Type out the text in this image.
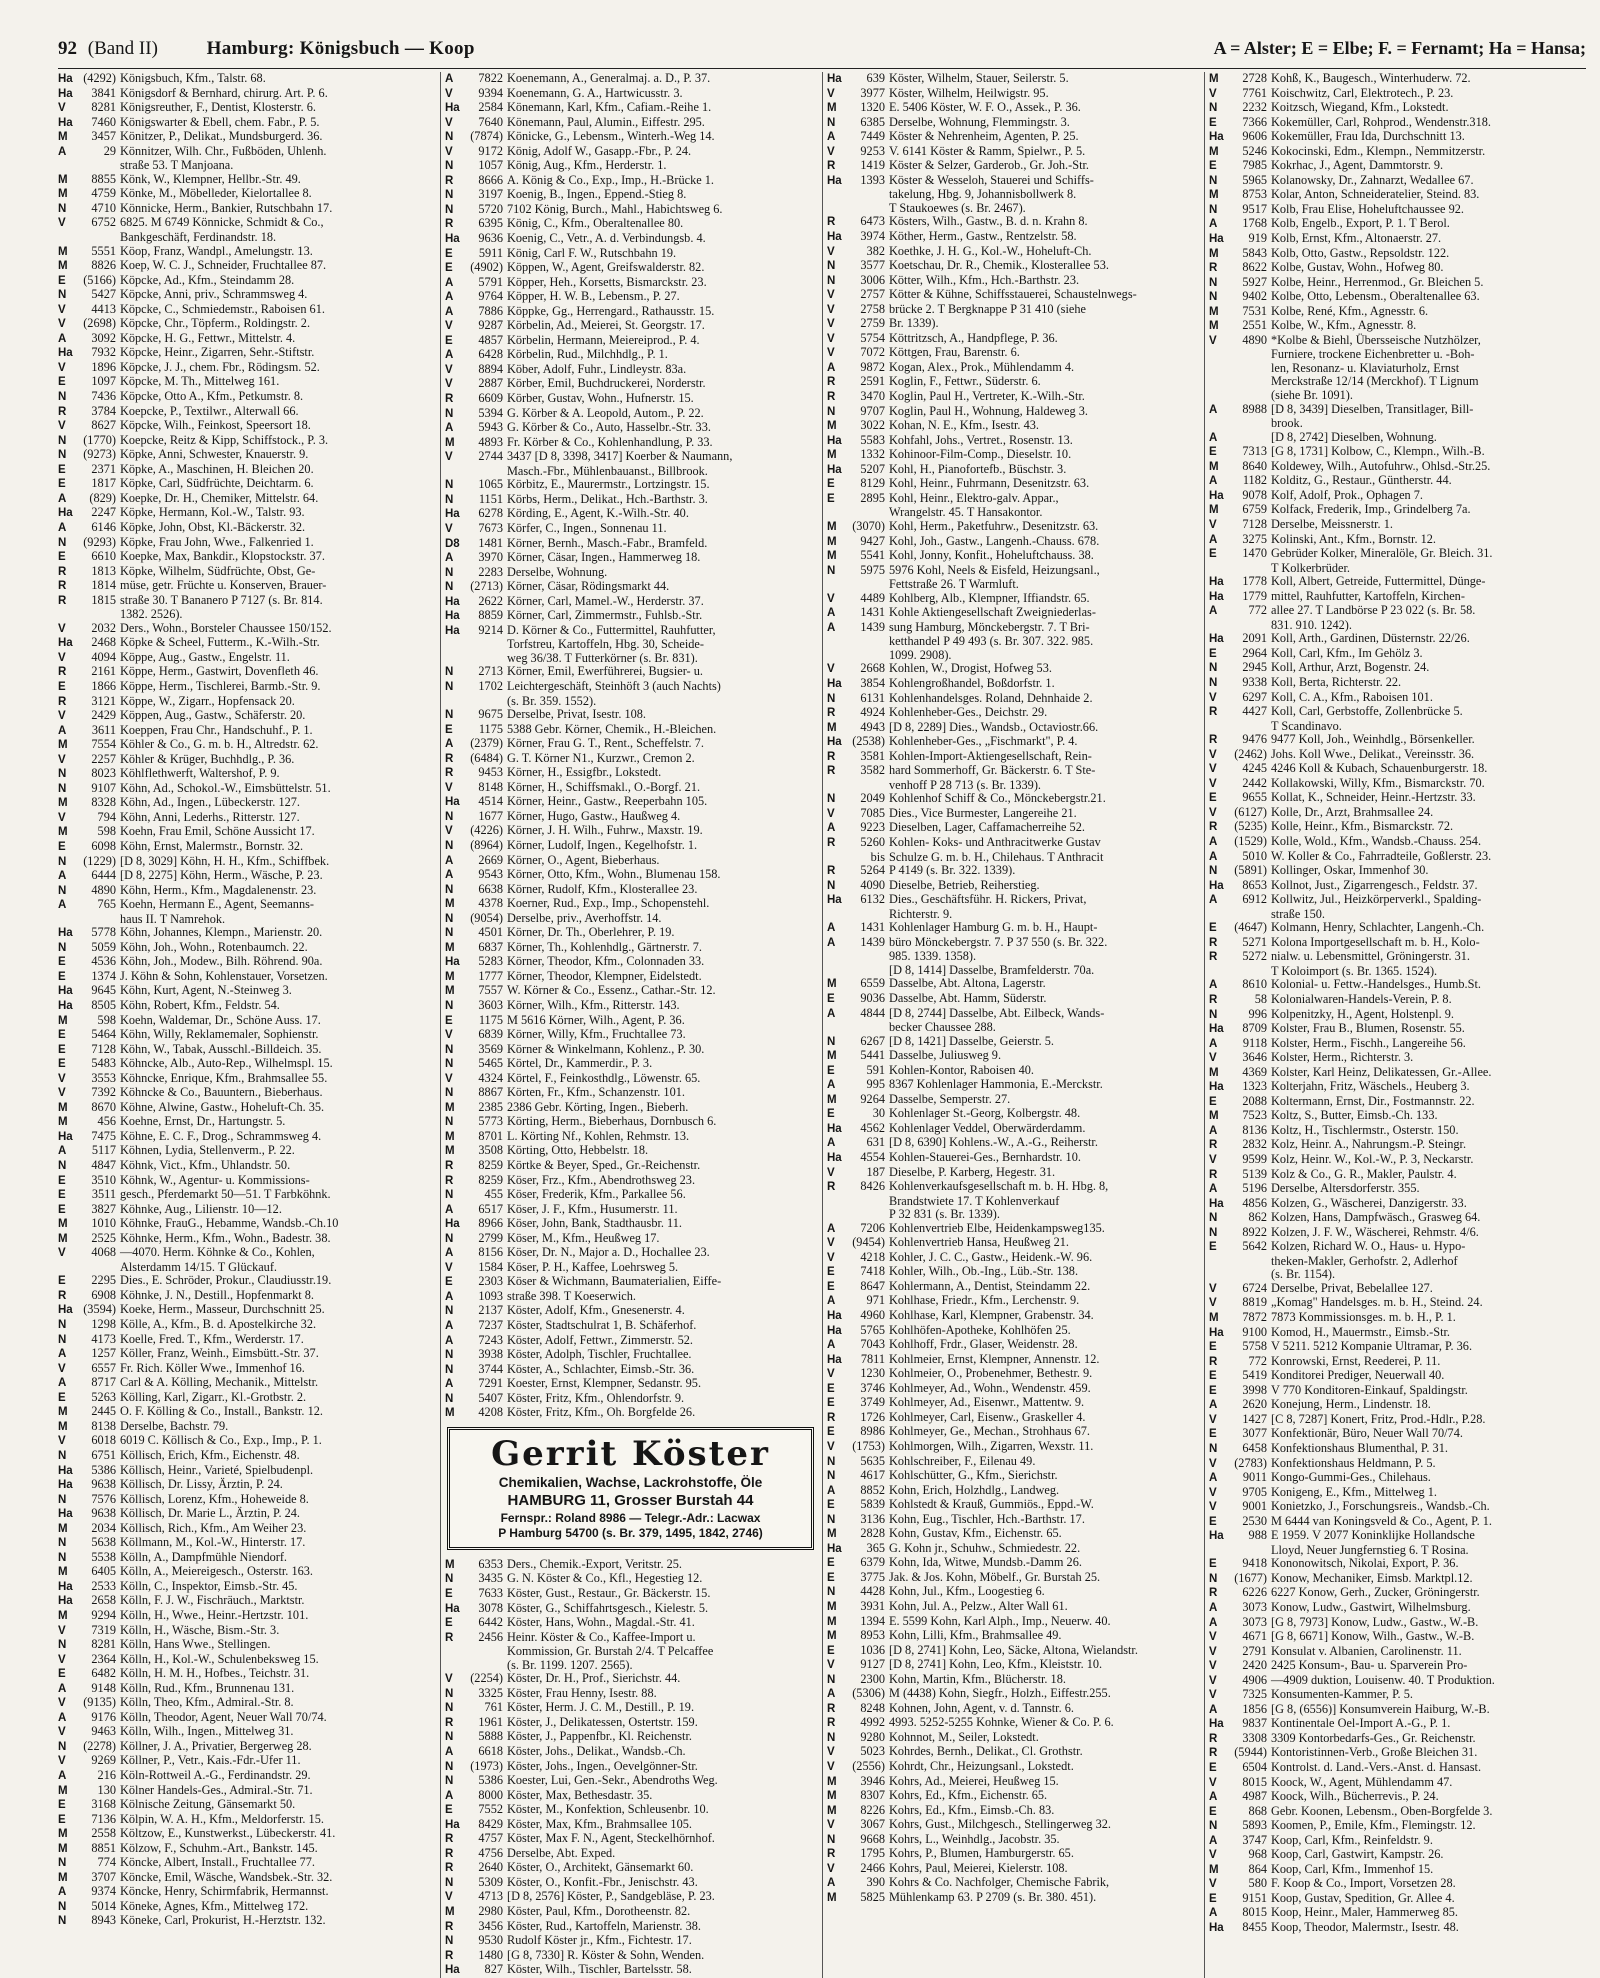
92 (Band II)	Hamburg: Königsbuch — Koop	A = Alster; E = Elbe; F. = Fernamt; Ha = Hansa;
Ha (4292) Königsbuch, Kfm., Talstr. 68.
Ha 3841 Königsdorf & Bernhard, chirurg. Art. P. 6.
V 8281 Königsreuther, F., Dentist, Klosterstr. 6.
Ha 7460 Königswarter & Ebell, chem. Fabr., P. 5.
M 3457 Könitzer, P., Delikat., Mundsburgerd. 36.
A	29 Könnitzer, Wilh. Chr., Fußböden, Uhlenh.
straße 53. T Manjoana.
M 8855 Könk, W., Klempner, Hellbr.-Str. 49.
M 4759 Könke, M., Möbelleder, Kielortallee 8.
N 4710 Könnicke, Herm., Bankier, Rutschbahn 17.
V 6752 6825. M 6749 Könnicke, Schmidt & Co.,
Bankgeschäft, Ferdinandstr. 18.
M 5551 Köop, Franz, Wandpl., Amelungstr. 13.
M 8826 Koep, W. C. J., Schneider, Fruchtallee 87.
E (5166) Köpcke, Ad., Kfm., Steindamm 28.
N 5427 Köpcke, Anni, priv., Schrammsweg 4.
V 4413 Köpcke, C., Schmiedemstr., Raboisen 61.
V (2698) Köpcke, Chr., Töpferm., Roldingstr. 2.
A 3092 Köpcke, H. G., Fettwr., Mittelstr. 4.
Ha 7932 Köpcke, Heinr., Zigarren, Sehr.-Stiftstr.
V 1896 Köpcke, J. J., chem. Fbr., Rödingsm. 52.
E 1097 Köpcke, M. Th., Mittelweg 161.
N 7436 Köpcke, Otto A., Kfm., Petkumstr. 8.
R 3784 Koepcke, P., Textilwr., Alterwall 66.
V 8627 Köpcke, Wilh., Feinkost, Speersort 18.
N (1770) Koepcke, Reitz & Kipp, Schiffstock., P. 3.
N (9273) Köpke, Anni, Schwester, Knauerstr. 9.
E 2371 Köpke, A., Maschinen, H. Bleichen 20.
E 1817 Köpke, Carl, Südfrüchte, Deichtarm. 6.
A (829) Koepke, Dr. H., Chemiker, Mittelstr. 64.
Ha 2247 Köpke, Hermann, Kol.-W., Talstr. 93.
A 6146 Köpke, John, Obst, Kl.-Bäckerstr. 32.
N (9293) Köpke, Frau John, Wwe., Falkenried 1.
E 6610 Koepke, Max, Bankdir., Klopstockstr. 37.
R 1813 Köpke, Wilhelm, Südfrüchte, Obst, Ge-
R 1814 müse, getr. Früchte u. Konserven, Brauer-
R 1815 straße 30. T Bananero P 7127 (s. Br. 814.
1382. 2526).
V 2032 Ders., Wohn., Borsteler Chaussee 150/152.
Ha 2468 Köpke & Scheel, Futterm., K.-Wilh.-Str.
V 4094 Köppe, Aug., Gastw., Engelstr. 11.
R 2161 Köppe, Herm., Gastwirt, Dovenfleth 46.
E 1866 Köppe, Herm., Tischlerei, Barmb.-Str. 9.
R 3121 Köppe, W., Zigarr., Hopfensack 20.
V 2429 Köppen, Aug., Gastw., Schäferstr. 20.
A 3611 Koeppen, Frau Chr., Handschuhf., P. 1.
M 7554 Köhler & Co., G. m. b. H., Altredstr. 62.
V 2257 Köhler & Krüger, Buchhdlg., P. 36.
N 8023 Köhlflethwerft, Waltershof, P. 9.
N 9107 Köhn, Ad., Schokol.-W., Eimsbüttelstr. 51.
M 8328 Köhn, Ad., Ingen., Lübeckerstr. 127.
V	794 Köhn, Anni, Lederhs., Ritterstr. 127.
M 598 Koehn, Frau Emil, Schöne Aussicht 17.
E 6098 Köhn, Ernst, Malermstr., Bornstr. 32.
N (1229) [D 8, 3029] Köhn, H. H., Kfm., Schiffbek.
A 6444 [D 8, 2275] Köhn, Herm., Wäsche, P. 23.
N 4890 Köhn, Herm., Kfm., Magdalenenstr. 23.
A	765 Koehn, Hermann E., Agent, Seemanns-
haus II. T Namrehok.
Ha 5778 Köhn, Johannes, Klempn., Marienstr. 20.
N 5059 Köhn, Joh., Wohn., Rotenbaumch. 22.
E 4536 Köhn, Joh., Modew., Bilh. Röhrend. 90a.
E 1374 J. Köhn & Sohn, Kohlenstauer, Vorsetzen.
Ha 9645 Köhn, Kurt, Agent, N.-Steinweg 3.
Ha 8505 Köhn, Robert, Kfm., Feldstr. 54.
M 598 Koehn, Waldemar, Dr., Schöne Auss. 17.
E 5464 Köhn, Willy, Reklamemaler, Sophienstr.
E 7128 Köhn, W., Tabak, Ausschl.-Billdeich. 35.
E 5483 Köhncke, Alb., Auto-Rep., Wilhelmspl. 15.
V 3553 Köhncke, Enrique, Kfm., Brahmsallee 55.
V 7392 Köhncke & Co., Bauuntern., Bieberhaus.
M 8670 Köhne, Alwine, Gastw., Hoheluft-Ch. 35.
M 456 Koehne, Ernst, Dr., Hartungstr. 5.
Ha 7475 Köhne, E. C. F., Drog., Schrammsweg 4.
A 5117 Köhnen, Lydia, Stellenverm., P. 22.
N 4847 Köhnk, Vict., Kfm., Uhlandstr. 50.
E 3510 Köhnk, W., Agentur- u. Kommissions-
E 3511 gesch., Pferdemarkt 50—51. T Farbköhnk.
E 3827 Köhnke, Aug., Lilienstr. 10—12.
M 1010 Köhnke, FrauG., Hebamme, Wandsb.-Ch.10
M 2525 Köhnke, Herm., Kfm., Wohn., Badestr. 38.
V 4068 —4070. Herm. Köhnke & Co., Kohlen,
Alsterdamm 14/15. T Glückauf.
E 2295 Dies., E. Schröder, Prokur., Claudiusstr.19.
R 6908 Köhnke, J. N., Destill., Hopfenmarkt 8.
Ha (3594) Koeke, Herm., Masseur, Durchschnitt 25.
N 1298 Kölle, A., Kfm., B. d. Apostelkirche 32.
N 4173 Koelle, Fred. T., Kfm., Werderstr. 17.
A 1257 Köller, Franz, Weinh., Eimsbütt.-Str. 37.
V 6557 Fr. Rich. Köller Wwe., Immenhof 16.
A 8717 Carl & A. Kölling, Mechanik., Mittelstr.
E 5263 Kölling, Karl, Zigarr., Kl.-Grotbstr. 2.
M 2445 O. F. Kölling & Co., Install., Bankstr. 12.
M 8138 Derselbe, Bachstr. 79.
V 6018 6019 C. Köllisch & Co., Exp., Imp., P. 1.
N 6751 Köllisch, Erich, Kfm., Eichenstr. 48.
Ha 5386 Köllisch, Heinr., Varieté, Spielbudenpl.
Ha 9638 Köllisch, Dr. Lissy, Ärztin, P. 24.
N 7576 Köllisch, Lorenz, Kfm., Hoheweide 8.
Ha 9638 Köllisch, Dr. Marie L., Ärztin, P. 24.
M 2034 Köllisch, Rich., Kfm., Am Weiher 23.
N 5638 Köllmann, M., Kol.-W., Hinterstr. 17.
N 5538 Kölln, A., Dampfmühle Niendorf.
M 6405 Kölln, A., Meiereigesch., Osterstr. 163.
Ha 2533 Kölln, C., Inspektor, Eimsb.-Str. 45.
Ha 2658 Kölln, F. J. W., Fischräuch., Marktstr.
M 9294 Kölln, H., Wwe., Heinr.-Hertzstr. 101.
V 7319 Kölln, H., Wäsche, Bism.-Str. 3.
N 8281 Kölln, Hans Wwe., Stellingen.
V 2364 Kölln, H., Kol.-W., Schulenbeksweg 15.
E 6482 Kölln, H. M. H., Hofbes., Teichstr. 31.
A 9148 Kölln, Rud., Kfm., Brunnenau 131.
V (9135) Kölln, Theo, Kfm., Admiral.-Str. 8.
A 9176 Kölln, Theodor, Agent, Neuer Wall 70/74.
V 9463 Kölln, Wilh., Ingen., Mittelweg 31.
N (2278) Köllner, J. A., Privatier, Bergerweg 28.
V 9269 Köllner, P., Vetr., Kais.-Fdr.-Ufer 11.
A	216 Köln-Rottweil A.-G., Ferdinandstr. 29.
M 130 Kölner Handels-Ges., Admiral.-Str. 71.
E 3168 Kölnische Zeitung, Gänsemarkt 50.
E 7136 Kölpin, W. A. H., Kfm., Meldorferstr. 15.
M 2558 Költzow, E., Kunstwerkst., Lübeckerstr. 41.
M 8851 Kölzow, F., Schuhm.-Art., Bankstr. 145.
N	774 Köncke, Albert, Install., Fruchtallee 77.
M 3707 Köncke, Emil, Wäsche, Wandsbek.-Str. 32.
A 9374 Köncke, Henry, Schirmfabrik, Hermannst.
N 5014 Köneke, Agnes, Kfm., Mittelweg 172.
N 8943 Köneke, Carl, Prokurist, H.-Herztstr. 132.
A 7822 Koenemann, A., Generalmaj. a. D., P. 37.
V 9394 Koenemann, G. A., Hartwicusstr. 3.
Ha 2584 Könemann, Karl, Kfm., Cafiam.-Reihe 1.
V 7640 Könemann, Paul, Alumin., Eiffestr. 295.
N (7874) Könicke, G., Lebensm., Winterh.-Weg 14.
V 9172 König, Adolf W., Gasapp.-Fbr., P. 24.
N 1057 König, Aug., Kfm., Herderstr. 1.
R 8666 A. König & Co., Exp., Imp., H.-Brücke 1.
N 3197 Koenig, B., Ingen., Eppend.-Stieg 8.
N 5720 7102 König, Burch., Mahl., Habichtsweg 6.
R 6395 König, C., Kfm., Oberaltenallee 80.
Ha 9636 Koenig, C., Vetr., A. d. Verbindungsb. 4.
E 5911 König, Carl F. W., Rutschbahn 19.
E (4902) Köppen, W., Agent, Greifswalderstr. 82.
A 5791 Köpper, Heh., Korsetts, Bismarckstr. 23.
A 9764 Köpper, H. W. B., Lebensm., P. 27.
A 7886 Köppke, Gg., Herrengard., Rathausstr. 15.
V 9287 Körbelin, Ad., Meierei, St. Georgstr. 17.
E 4857 Körbelin, Hermann, Meiereiprod., P. 4.
A 6428 Körbelin, Rud., Milchhdlg., P. 1.
V 8894 Köber, Adolf, Fuhr., Lindleystr. 83a.
V 2887 Körber, Emil, Buchdruckerei, Norderstr.
R 6609 Körber, Gustav, Wohn., Hufnerstr. 15.
N 5394 G. Körber & A. Leopold, Autom., P. 22.
A 5943 G. Körber & Co., Auto, Hasselbr.-Str. 33.
M 4893 Fr. Körber & Co., Kohlenhandlung, P. 33.
V 2744 3437 [D 8, 3398, 3417] Koerber & Naumann,
Masch.-Fbr., Mühlenbauanst., Billbrook.
N 1065 Körbitz, E., Maurermstr., Lortzingstr. 15.
N 1151 Körbs, Herm., Delikat., Hch.-Barthstr. 3.
Ha 6278 Körding, E., Agent, K.-Wilh.-Str. 40.
V 7673 Körfer, C., Ingen., Sonnenau 11.
D8 1481 Körner, Bernh., Masch.-Fabr., Bramfeld.
A 3970 Körner, Cäsar, Ingen., Hammerweg 18.
N 2283 Derselbe, Wohnung.
N (2713) Körner, Cäsar, Rödingsmarkt 44.
Ha 2622 Körner, Carl, Mamel.-W., Herderstr. 37.
Ha 8859 Körner, Carl, Zimmermstr., Fuhlsb.-Str.
Ha 9214 D. Körner & Co., Futtermittel, Rauhfutter,
Torfstreu, Kartoffeln, Hbg. 30, Scheide-
weg 36/38. T Futterkörner (s. Br. 831).
N 2713 Körner, Emil, Ewerführerei, Bugsier- u.
N 1702 Leichtergeschäft, Steinhöft 3 (auch Nachts)
(s. Br. 359. 1552).
N 9675 Derselbe, Privat, Isestr. 108.
E 1175 5388 Gebr. Körner, Chemik., H.-Bleichen.
A (2379) Körner, Frau G. T., Rent., Scheffelstr. 7.
R (6484) G. T. Körner N1., Kurzwr., Cremon 2.
R 9453 Körner, H., Essigfbr., Lokstedt.
V 8148 Körner, H., Schiffsmakl., O.-Borgf. 21.
Ha 4514 Körner, Heinr., Gastw., Reeperbahn 105.
N 1677 Körner, Hugo, Gastw., Haußweg 4.
V (4226) Körner, J. H. Wilh., Fuhrw., Maxstr. 19.
N (8964) Körner, Ludolf, Ingen., Kegelhofstr. 1.
A 2669 Körner, O., Agent, Bieberhaus.
A 9543 Körner, Otto, Kfm., Wohn., Blumenau 158.
N 6638 Körner, Rudolf, Kfm., Klosterallee 23.
M 4378 Koerner, Rud., Exp., Imp., Schopenstehl.
N (9054) Derselbe, priv., Averhoffstr. 14.
N 4501 Körner, Dr. Th., Oberlehrer, P. 19.
M 6837 Körner, Th., Kohlenhdlg., Gärtnerstr. 7.
Ha 5283 Körner, Theodor, Kfm., Colonnaden 33.
M 1777 Körner, Theodor, Klempner, Eidelstedt.
M 7557 W. Körner & Co., Essenz., Cathar.-Str. 12.
N 3603 Körner, Wilh., Kfm., Ritterstr. 143.
E 1175 M 5616 Körner, Wilh., Agent, P. 36.
V 6839 Körner, Willy, Kfm., Fruchtallee 73.
N 3569 Körner & Winkelmann, Kohlenz., P. 30.
N 5465 Körtel, Dr., Kammerdir., P. 3.
V 4324 Körtel, F., Feinkosthdlg., Löwenstr. 65.
N 8867 Körten, Fr., Kfm., Schanzenstr. 101.
M 2385 2386 Gebr. Körting, Ingen., Bieberh.
N 5773 Körting, Herm., Bieberhaus, Dornbusch 6.
M 8701 L. Körting Nf., Kohlen, Rehmstr. 13.
M 3508 Körting, Otto, Hebbelstr. 18.
R 8259 Körtke & Beyer, Sped., Gr.-Reichenstr.
R 8259 Köser, Frz., Kfm., Abendrothsweg 23.
N	455 Köser, Frederik, Kfm., Parkallee 56.
A 6517 Köser, J. F., Kfm., Husumerstr. 11.
Ha 8966 Köser, John, Bank, Stadthausbr. 11.
N 2799 Köser, M., Kfm., Heußweg 17.
A 8156 Köser, Dr. N., Major a. D., Hochallee 23.
V 1584 Köser, P. H., Kaffee, Loehrsweg 5.
E 2303 Köser & Wichmann, Baumaterialien, Eiffe-
A 1093 straße 398. T Koeserwich.
N 2137 Köster, Adolf, Kfm., Gnesenerstr. 4.
A 7237 Köster, Stadtschulrat 1, B. Schäferhof.
A 7243 Köster, Adolf, Fettwr., Zimmerstr. 52.
N 3938 Köster, Adolph, Tischler, Fruchtallee.
N 3744 Köster, A., Schlachter, Eimsb.-Str. 36.
A 7291 Koester, Ernst, Klempner, Sedanstr. 95.
N 5407 Köster, Fritz, Kfm., Ohlendorfstr. 9.
M 4208 Köster, Fritz, Kfm., Oh. Borgfelde 26.
Gerrit Köster
Chemikalien, Wachse, Lackrohstoffe, Öle
HAMBURG 11, Grosser Burstah 44
Fernspr.: Roland 8986 — Telegr.-Adr.: Lacwax
P Hamburg 54700 (s. Br. 379, 1495, 1842, 2746)
M 6353 Ders., Chemik.-Export, Veritstr. 25.
N 3435 G. N. Köster & Co., Kfl., Hegestieg 12.
E 7633 Köster, Gust., Restaur., Gr. Bäckerstr. 15.
Ha 3078 Köster, G., Schiffahrtsgesch., Kielestr. 5.
E 6442 Köster, Hans, Wohn., Magdal.-Str. 41.
R 2456 Heinr. Köster & Co., Kaffee-Import u.
Kommission, Gr. Burstah 2/4. T Pelcaffee
(s. Br. 1199. 1207. 2565).
V (2254) Köster, Dr. H., Prof., Sierichstr. 44.
N 3325 Köster, Frau Henny, Isestr. 88.
N	761 Köster, Herm. J. C. M., Destill., P. 19.
R 1961 Köster, J., Delikatessen, Ostertstr. 159.
N 5888 Köster, J., Pappenfbr., Kl. Reichenstr.
A 6618 Köster, Johs., Delikat., Wandsb.-Ch.
N (1973) Köster, Johs., Ingen., Oevelgönner-Str.
N 5386 Koester, Lui, Gen.-Sekr., Abendroths Weg.
A 8000 Köster, Max, Bethesdastr. 35.
E 7552 Köster, M., Konfektion, Schleusenbr. 10.
Ha 8429 Köster, Max, Kfm., Brahmsallee 105.
R 4757 Köster, Max F. N., Agent, Steckelhörnhof.
R 4756 Derselbe, Abt. Exped.
R 2640 Köster, O., Architekt, Gänsemarkt 60.
N 5309 Köster, O., Konfit.-Fbr., Jenischstr. 43.
V 4713 [D 8, 2576] Köster, P., Sandgebläse, P. 23.
M 2980 Köster, Paul, Kfm., Dorotheenstr. 82.
R 3456 Köster, Rud., Kartoffeln, Marienstr. 38.
N 9530 Rudolf Köster jr., Kfm., Fichtestr. 17.
R 1480 [G 8, 7330] R. Köster & Sohn, Wenden.
Ha 827 Köster, Wilh., Tischler, Bartelsstr. 58.
Ha 639 Köster, Wilhelm, Stauer, Seilerstr. 5.
V 3977 Köster, Wilhelm, Heilwigstr. 95.
M 1320 E. 5406 Köster, W. F. O., Assek., P. 36.
N 6385 Derselbe, Wohnung, Flemmingstr. 3.
A 7449 Köster & Nehrenheim, Agenten, P. 25.
V 9253 V. 6141 Köster & Ramm, Spielwr., P. 5.
R 1419 Köster & Selzer, Garderob., Gr. Joh.-Str.
Ha 1393 Köster & Wesseloh, Stauerei und Schiffs-
takelung, Hbg. 9, Johannisbollwerk 8.
T Staukoewes (s. Br. 2467).
R 6473 Kösters, Wilh., Gastw., B. d. n. Krahn 8.
Ha 3974 Köther, Herm., Gastw., Rentzelstr. 58.
V	382 Koethke, J. H. G., Kol.-W., Hoheluft-Ch.
N 3577 Koetschau, Dr. R., Chemik., Klosterallee 53.
N 3006 Kötter, Wilh., Kfm., Hch.-Barthstr. 23.
V 2757 Kötter & Kühne, Schiffsstauerei, Schaustelnwegs-
V 2758 brücke 2. T Bergknappe P 31 410 (siehe
V 2759 Br. 1339).
V 5754 Köttritzsch, A., Handpflege, P. 36.
V 7072 Köttgen, Frau, Barenstr. 6.
A 9872 Kogan, Alex., Prok., Mühlendamm 4.
R 2591 Koglin, F., Fettwr., Süderstr. 6.
R 3470 Koglin, Paul H., Vertreter, K.-Wilh.-Str.
N 9707 Koglin, Paul H., Wohnung, Haldeweg 3.
M 3022 Kohan, N. E., Kfm., Isestr. 43.
Ha 5583 Kohfahl, Johs., Vertret., Rosenstr. 13.
M 1332 Kohinoor-Film-Comp., Dieselstr. 10.
Ha 5207 Kohl, H., Pianofortefb., Büschstr. 3.
E 8129 Kohl, Heinr., Fuhrmann, Desenitzstr. 63.
E 2895 Kohl, Heinr., Elektro-galv. Appar.,
Wrangelstr. 45. T Hansakontor.
M (3070) Kohl, Herm., Paketfuhrw., Desenitzstr. 63.
M 9427 Kohl, Joh., Gastw., Langenh.-Chauss. 678.
M 5541 Kohl, Jonny, Konfit., Hoheluftchauss. 38.
N 5975 5976 Kohl, Neels & Eisfeld, Heizungsanl.,
Fettstraße 26. T Warmluft.
V 4489 Kohlberg, Alb., Klempner, Iffiandstr. 65.
A 1431 Kohle Aktiengesellschaft Zweigniederlas-
A 1439 sung Hamburg, Mönckebergstr. 7. T Bri-
ketthandel P 49 493 (s. Br. 307. 322. 985.
1099. 2908).
V 2668 Kohlen, W., Drogist, Hofweg 53.
Ha 3854 Kohlengroßhandel, Boßdorfstr. 1.
N 6131 Kohlenhandelsges. Roland, Dehnhaide 2.
R 4924 Kohlenheber-Ges., Deichstr. 29.
M 4943 [D 8, 2289] Dies., Wandsb., Octaviostr.66.
Ha (2538) Kohlenheber-Ges., „Fischmarkt", P. 4.
R 3581 Kohlen-Import-Aktiengesellschaft, Rein-
R 3582 hard Sommerhoff, Gr. Bäckerstr. 6. T Ste-
venhoff P 28 713 (s. Br. 1339).
N 2049 Kohlenhof Schiff & Co., Mönckebergstr.21.
V 7085 Dies., Vice Burmester, Langereihe 21.
A 9223 Dieselben, Lager, Caffamacherreihe 52.
R 5260 Kohlen- Koks- und Anthracitwerke Gustav
bis Schulze G. m. b. H., Chilehaus. T Anthracit
R 5264 P 4149 (s. Br. 322. 1339).
N 4090 Dieselbe, Betrieb, Reiherstieg.
Ha 6132 Dies., Geschäftsführ. H. Rickers, Privat,
Richterstr. 9.
A 1431 Kohlenlager Hamburg G. m. b. H., Haupt-
A 1439 büro Mönckebergstr. 7. P 37 550 (s. Br. 322.
985. 1339. 1358).
[D 8, 1414] Dasselbe, Bramfelderstr. 70a.
M 6559 Dasselbe, Abt. Altona, Lagerstr.
E 9036 Dasselbe, Abt. Hamm, Süderstr.
A 4844 [D 8, 2744] Dasselbe, Abt. Eilbeck, Wands-
becker Chaussee 288.
N 6267 [D 8, 1421] Dasselbe, Geierstr. 5.
M 5441 Dasselbe, Juliusweg 9.
E	591 Kohlen-Kontor, Raboisen 40.
A	995 8367 Kohlenlager Hammonia, E.-Merckstr.
M 9264 Dasselbe, Semperstr. 27.
E	30 Kohlenlager St.-Georg, Kolbergstr. 48.
Ha 4562 Kohlenlager Veddel, Oberwärderdamm.
A	631 [D 8, 6390] Kohlens.-W., A.-G., Reiherstr.
Ha 4554 Kohlen-Stauerei-Ges., Bernhardstr. 10.
V	187 Dieselbe, P. Karberg, Hegestr. 31.
R 8426 Kohlenverkaufsgesellschaft m. b. H. Hbg. 8,
Brandstwiete 17. T Kohlenverkauf
P 32 831 (s. Br. 1339).
A 7206 Kohlenvertrieb Elbe, Heidenkampsweg135.
V (9454) Kohlenvertrieb Hansa, Heußweg 21.
V 4218 Kohler, J. C. C., Gastw., Heidenk.-W. 96.
E 7418 Kohler, Wilh., Ob.-Ing., Lüb.-Str. 138.
E 8647 Kohlermann, A., Dentist, Steindamm 22.
A	971 Kohlhase, Friedr., Kfm., Lerchenstr. 9.
Ha 4960 Kohlhase, Karl, Klempner, Grabenstr. 34.
Ha 5765 Kohlhöfen-Apotheke, Kohlhöfen 25.
A 7043 Kohlhoff, Frdr., Glaser, Weidenstr. 28.
Ha 7811 Kohlmeier, Ernst, Klempner, Annenstr. 12.
V 1230 Kohlmeier, O., Probenehmer, Bethestr. 9.
E 3746 Kohlmeyer, Ad., Wohn., Wendenstr. 459.
E 3749 Kohlmeyer, Ad., Eisenwr., Mattentw. 9.
R 1726 Kohlmeyer, Carl, Eisenw., Graskeller 4.
E 8986 Kohlmeyer, Ge., Mechan., Strohhaus 67.
V (1753) Kohlmorgen, Wilh., Zigarren, Wexstr. 11.
N 5635 Kohlschreiber, F., Eilenau 49.
N 4617 Kohlschütter, G., Kfm., Sierichstr.
A 8852 Kohn, Erich, Holzhdlg., Landweg.
E 5839 Kohlstedt & Krauß, Gummiös., Eppd.-W.
N 3136 Kohn, Eug., Tischler, Hch.-Barthstr. 17.
M 2828 Kohn, Gustav, Kfm., Eichenstr. 65.
Ha 365 G. Kohn jr., Schuhw., Schmiedestr. 22.
E 6379 Kohn, Ida, Witwe, Mundsb.-Damm 26.
E 3775 Jak. & Jos. Kohn, Möbelf., Gr. Burstah 25.
N 4428 Kohn, Jul., Kfm., Loogestieg 6.
M 3931 Kohn, Jul. A., Pelzw., Alter Wall 61.
M 1394 E. 5599 Kohn, Karl Alph., Imp., Neuerw. 40.
M 8953 Kohn, Lilli, Kfm., Brahmsallee 49.
E 1036 [D 8, 2741] Kohn, Leo, Säcke, Altona, Wielandstr.
V 9127 [D 8, 2741] Kohn, Leo, Kfm., Kleiststr. 10.
N 2300 Kohn, Martin, Kfm., Blücherstr. 18.
A (5306) M (4438) Kohn, Siegfr., Holzh., Eiffestr.255.
R 8248 Kohnen, John, Agent, v. d. Tannstr. 6.
R 4992 4993. 5252-5255 Kohnke, Wiener & Co. P. 6.
N 9280 Kohnnot, M., Seiler, Lokstedt.
V 5023 Kohrdes, Bernh., Delikat., Cl. Grothstr.
V (2556) Kohrdt, Chr., Heizungsanl., Lokstedt.
M 3946 Kohrs, Ad., Meierei, Heußweg 15.
M 8307 Kohrs, Ed., Kfm., Eichenstr. 65.
M 8226 Kohrs, Ed., Kfm., Eimsb.-Ch. 83.
V 3067 Kohrs, Gust., Milchgesch., Stellingerweg 32.
N 9668 Kohrs, L., Weinhdlg., Jacobstr. 35.
R 1795 Kohrs, P., Blumen, Hamburgerstr. 65.
V 2466 Kohrs, Paul, Meierei, Kielerstr. 108.
A	390 Kohrs & Co. Nachfolger, Chemische Fabrik,
M 5825 Mühlenkamp 63. P 2709 (s. Br. 380. 451).
M 2728 Kohß, K., Baugesch., Winterhuderw. 72.
V 7761 Koischwitz, Carl, Elektrotech., P. 23.
N 2232 Koitzsch, Wiegand, Kfm., Lokstedt.
E 7366 Kokemüller, Carl, Rohprod., Wendenstr.318.
Ha 9606 Kokemüller, Frau Ida, Durchschnitt 13.
M 5246 Kokocinski, Edm., Klempn., Nemmitzerstr.
E 7985 Kokrhac, J., Agent, Dammtorstr. 9.
N 5965 Kolanowsky, Dr., Zahnarzt, Wedallee 67.
M 8753 Kolar, Anton, Schneideratelier, Steind. 83.
N 9517 Kolb, Frau Elise, Hoheluftchaussee 92.
A 1768 Kolb, Engelb., Export, P. 1. T Berol.
Ha 919 Kolb, Ernst, Kfm., Altonaerstr. 27.
M 5843 Kolb, Otto, Gastw., Repsoldstr. 122.
R 8622 Kolbe, Gustav, Wohn., Hofweg 80.
N 5927 Kolbe, Heinr., Herrenmod., Gr. Bleichen 5.
N 9402 Kolbe, Otto, Lebensm., Oberaltenallee 63.
M 7531 Kolbe, René, Kfm., Agnesstr. 6.
M 2551 Kolbe, W., Kfm., Agnesstr. 8.
V 4890 *Kolbe & Biehl, Übersseische Nutzhölzer,
Furniere, trockene Eichenbretter u. -Boh-
len, Resonanz- u. Klaviaturholz, Ernst
Merckstraße 12/14 (Merckhof). T Lignum
(siehe Br. 1091).
A 8988 [D 8, 3439] Dieselben, Transitlager, Bill-
brook.
A	[D 8, 2742] Dieselben, Wohnung.
E 7313 [G 8, 1731] Kolbow, C., Klempn., Wilh.-B.
M 8640 Koldewey, Wilh., Autofuhrw., Ohlsd.-Str.25.
A 1182 Kolditz, G., Restaur., Güntherstr. 44.
Ha 9078 Kolf, Adolf, Prok., Ophagen 7.
M 6759 Kolfack, Frederik, Imp., Grindelberg 7a.
V 7128 Derselbe, Meissnerstr. 1.
A 3275 Kolinski, Ant., Kfm., Bornstr. 12.
E 1470 Gebrüder Kolker, Mineralöle, Gr. Bleich. 31.
T Kolkerbrüder.
Ha 1778 Koll, Albert, Getreide, Futtermittel, Dünge-
Ha 1779 mittel, Rauhfutter, Kartoffeln, Kirchen-
A	772 allee 27. T Landbörse P 23 022 (s. Br. 58.
831. 910. 1242).
Ha 2091 Koll, Arth., Gardinen, Düsternstr. 22/26.
E 2964 Koll, Carl, Kfm., Im Gehölz 3.
N 2945 Koll, Arthur, Arzt, Bogenstr. 24.
N 9338 Koll, Berta, Richterstr. 22.
V 6297 Koll, C. A., Kfm., Raboisen 101.
R 4427 Koll, Carl, Gerbstoffe, Zollenbrücke 5.
T Scandinavo.
R 9476 9477 Koll, Joh., Weinhdlg., Börsenkeller.
V (2462) Johs. Koll Wwe., Delikat., Vereinsstr. 36.
V 4245 4246 Koll & Kubach, Schauenburgerstr. 18.
V 2442 Kollakowski, Willy, Kfm., Bismarckstr. 70.
E 9655 Kollat, K., Schneider, Heinr.-Hertzstr. 33.
V (6127) Kolle, Dr., Arzt, Brahmsallee 24.
R (5235) Kolle, Heinr., Kfm., Bismarckstr. 72.
A (1529) Kolle, Wold., Kfm., Wandsb.-Chauss. 254.
A 5010 W. Koller & Co., Fahrradteile, Goßlerstr. 23.
N (5891) Kollinger, Oskar, Immenhof 30.
Ha 8653 Kollnot, Just., Zigarrengesch., Feldstr. 37.
A 6912 Kollwitz, Jul., Heizkörperverkl., Spalding-
straße 150.
E (4647) Kolmann, Henry, Schlachter, Langenh.-Ch.
R 5271 Kolona Importgesellschaft m. b. H., Kolo-
R 5272 nialw. u. Lebensmittel, Gröningerstr. 31.
T Koloimport (s. Br. 1365. 1524).
A 8610 Kolonial- u. Fettw.-Handelsges., Humb.St.
R	58 Kolonialwaren-Handels-Verein, P. 8.
N	996 Kolpenitzky, H., Agent, Holstenpl. 9.
Ha 8709 Kolster, Frau B., Blumen, Rosenstr. 55.
A 9118 Kolster, Herm., Fischh., Langereihe 56.
V 3646 Kolster, Herm., Richterstr. 3.
M 4369 Kolster, Karl Heinz, Delikatessen, Gr.-Allee.
Ha 1323 Kolterjahn, Fritz, Wäschels., Heuberg 3.
E 2088 Koltermann, Ernst, Dir., Fostmannstr. 22.
M 7523 Koltz, S., Butter, Eimsb.-Ch. 133.
A 8136 Koltz, H., Tischlermstr., Osterstr. 150.
R 2832 Kolz, Heinr. A., Nahrungsm.-P. Steingr.
V 9599 Kolz, Heinr. W., Kol.-W., P. 3, Neckarstr.
R 5139 Kolz & Co., G. R., Makler, Paulstr. 4.
A 5196 Derselbe, Altersdorferstr. 355.
Ha 4856 Kolzen, G., Wäscherei, Danzigerstr. 33.
N	862 Kolzen, Hans, Dampfwäsch., Grasweg 64.
N 8922 Kolzen, J. F. W., Wäscherei, Rehmstr. 4/6.
E 5642 Kolzen, Richard W. O., Haus- u. Hypo-
theken-Makler, Gerhofstr. 2, Adlerhof
(s. Br. 1154).
V 6724 Derselbe, Privat, Bebelallee 127.
V 8819 „Komag" Handelsges. m. b. H., Steind. 24.
M 7872 7873 Kommissionsges. m. b. H., P. 1.
Ha 9100 Komod, H., Mauermstr., Eimsb.-Str.
E 5758 V 5211. 5212 Kompanie Ultramar, P. 36.
R	772 Konrowski, Ernst, Reederei, P. 11.
E 5419 Konditorei Prediger, Neuerwall 40.
E 3998 V 770 Konditoren-Einkauf, Spaldingstr.
A 2620 Konejung, Herm., Lindenstr. 18.
V 1427 [C 8, 7287] Konert, Fritz, Prod.-Hdlr., P.28.
E 3077 Konfektionär, Büro, Neuer Wall 70/74.
N 6458 Konfektionshaus Blumenthal, P. 31.
V (2783) Konfektionshaus Heldmann, P. 5.
A 9011 Kongo-Gummi-Ges., Chilehaus.
V 9705 Konigeng, E., Kfm., Mittelweg 1.
V 9001 Konietzko, J., Forschungsreis., Wandsb.-Ch.
E 2530 M 6444 van Koningsveld & Co., Agent, P. 1.
Ha 988 E 1959. V 2077 Koninklijke Hollandsche
Lloyd, Neuer Jungfernstieg 6. T Rosina.
E 9418 Kononowitsch, Nikolai, Export, P. 36.
N (1677) Konow, Mechaniker, Eimsb. Marktpl.12.
R 6226 6227 Konow, Gerh., Zucker, Gröningerstr.
A 3073 Konow, Ludw., Gastwirt, Wilhelmsburg.
A 3073 [G 8, 7973] Konow, Ludw., Gastw., W.-B.
V 4671 [G 8, 6671] Konow, Wilh., Gastw., W.-B.
V 2791 Konsulat v. Albanien, Carolinenstr. 11.
V 2420 2425 Konsum-, Bau- u. Sparverein Pro-
V 4906 —4909 duktion, Louisenw. 40. T Produktion.
V 7325 Konsumenten-Kammer, P. 5.
A 1856 [G 8, (6556)] Konsumverein Haiburg, W.-B.
Ha 9837 Kontinentale Oel-Import A.-G., P. 1.
R 3308 3309 Kontorbedarfs-Ges., Gr. Reichenstr.
R (5944) Kontoristinnen-Verb., Große Bleichen 31.
E 6504 Kontrolst. d. Land.-Vers.-Anst. d. Hansast.
V 8015 Koock, W., Agent, Mühlendamm 47.
A 4987 Koock, Wilh., Bücherrevis., P. 24.
E	868 Gebr. Koonen, Lebensm., Oben-Borgfelde 3.
N 5893 Koomen, P., Emile, Kfm., Flemingstr. 12.
A 3747 Koop, Carl, Kfm., Reinfeldstr. 9.
V	968 Koop, Carl, Gastwirt, Kampstr. 26.
M 864 Koop, Carl, Kfm., Immenhof 15.
V	580 F. Koop & Co., Import, Vorsetzen 28.
E 9151 Koop, Gustav, Spedition, Gr. Allee 4.
A 8015 Koop, Heinr., Maler, Hammerweg 85.
Ha 8455 Koop, Theodor, Malermstr., Isestr. 48.
